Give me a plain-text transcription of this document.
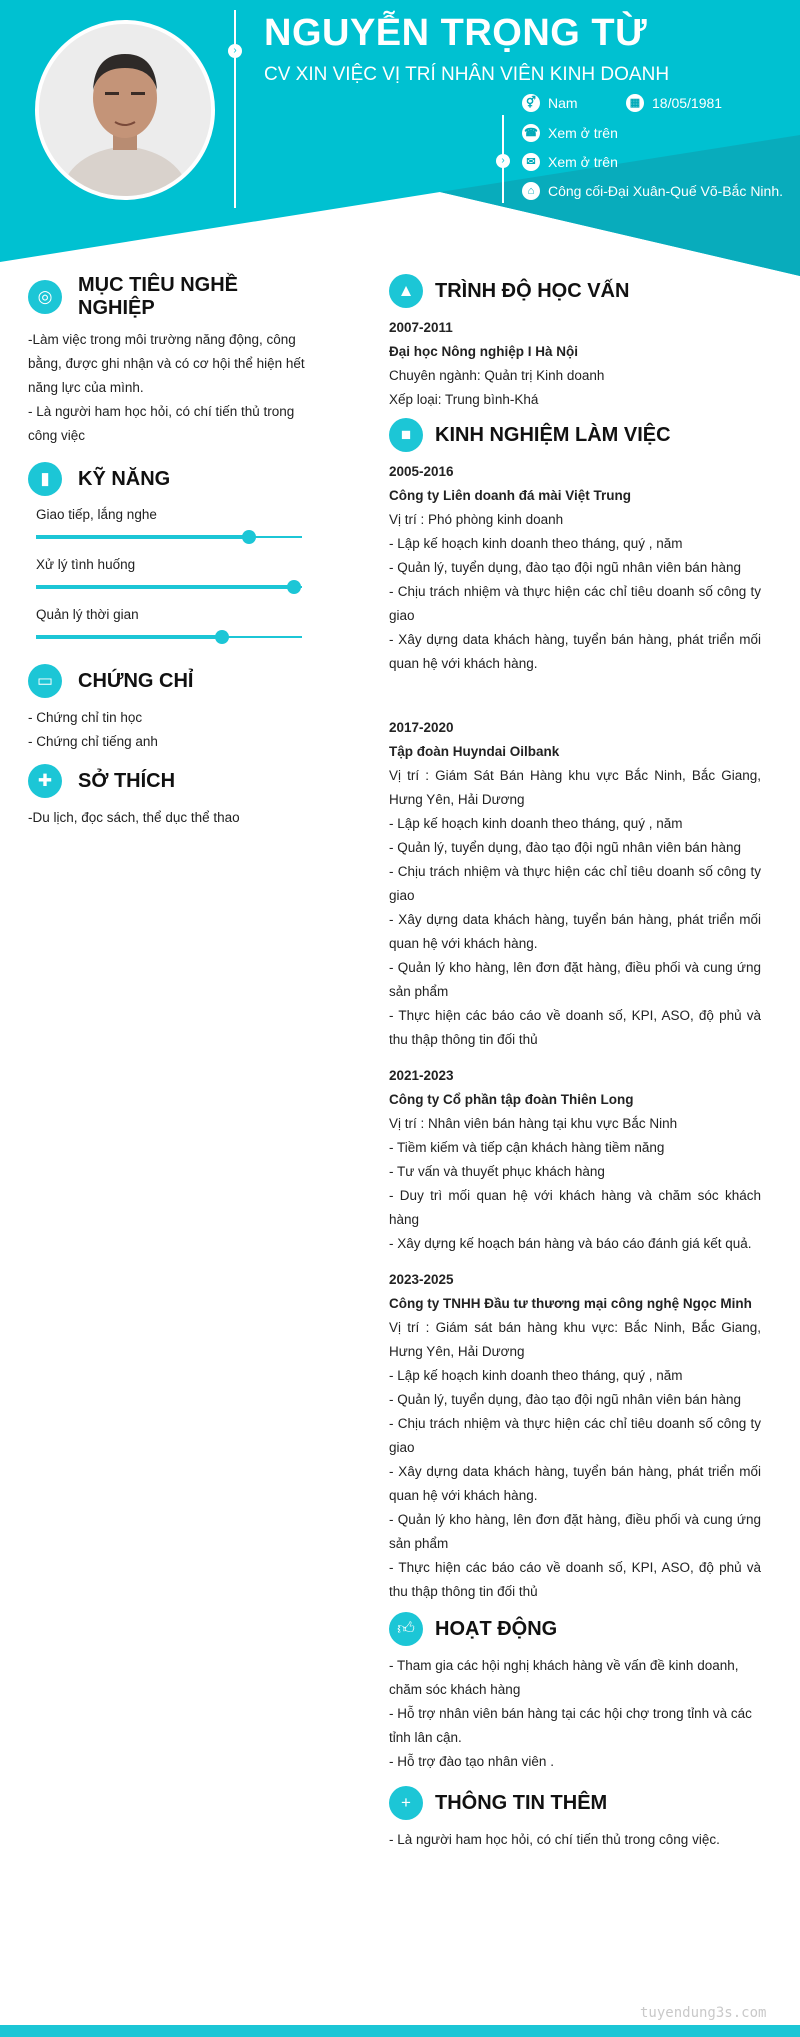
› NGUYỄN TRỌNG TỪ
CV XIN VIỆC VỊ TRÍ NHÂN VIÊN KINH DOANH
›
⚥ Nam	▦ 18/05/1981
☎ Xem ở trên
✉ Xem ở trên
⌂ Công cối-Đại Xuân-Quế Võ-Bắc Ninh.
◎
MỤC TIÊU NGHỀ NGHIỆP
-Làm việc trong môi trường năng động, công bằng, được ghi nhận và có cơ hội thể hiện hết năng lực của mình.
- Là người ham học hỏi, có chí tiến thủ trong công việc
▮	KỸ NĂNG
Giao tiếp, lắng nghe
Xử lý tình huống
Quản lý thời gian
▭	CHỨNG CHỈ
- Chứng chỉ tin học
- Chứng chỉ tiếng anh
✚	SỞ THÍCH
-Du lịch, đọc sách, thể dục thể thao
▲	TRÌNH ĐỘ HỌC VẤN
2007-2011
Đại học Nông nghiệp I Hà Nội
Chuyên ngành: Quản trị Kinh doanh
Xếp loại: Trung bình-Khá
■	KINH NGHIỆM LÀM VIỆC
2005-2016
Công ty Liên doanh đá mài Việt Trung
Vị trí : Phó phòng kinh doanh
- Lập kế hoạch kinh doanh theo tháng, quý , năm
- Quản lý, tuyển dụng, đào tạo đội ngũ nhân viên bán hàng
- Chịu trách nhiệm và thực hiện các chỉ tiêu doanh số công ty giao
- Xây dựng data khách hàng, tuyển bán hàng, phát triển mối quan hệ với khách hàng.
2017-2020
Tập đoàn Huyndai Oilbank
Vị trí : Giám Sát Bán Hàng khu vực Bắc Ninh, Bắc Giang, Hưng Yên, Hải Dương
- Lập kế hoạch kinh doanh theo tháng, quý , năm
- Quản lý, tuyển dụng, đào tạo đội ngũ nhân viên bán hàng
- Chịu trách nhiệm và thực hiện các chỉ tiêu doanh số công ty giao
- Xây dựng data khách hàng, tuyển bán hàng, phát triển mối quan hệ với khách hàng.
- Quản lý kho hàng, lên đơn đặt hàng, điều phối và cung ứng sản phẩm
- Thực hiện các báo cáo về doanh số, KPI, ASO, độ phủ và thu thập thông tin đối thủ
2021-2023
Công ty Cổ phần tập đoàn Thiên Long
Vị trí : Nhân viên bán hàng tại khu vực Bắc Ninh
- Tiềm kiếm và tiếp cận khách hàng tiềm năng
- Tư vấn và thuyết phục khách hàng
- Duy trì mối quan hệ với khách hàng và chăm sóc khách hàng
- Xây dựng kế hoạch bán hàng và báo cáo đánh giá kết quả.
2023-2025
Công ty TNHH Đầu tư thương mại công nghệ Ngọc Minh
Vị trí : Giám sát bán hàng khu vực: Bắc Ninh, Bắc Giang, Hưng Yên, Hải Dương
- Lập kế hoạch kinh doanh theo tháng, quý , năm
- Quản lý, tuyển dụng, đào tạo đội ngũ nhân viên bán hàng
- Chịu trách nhiệm và thực hiện các chỉ tiêu doanh số công ty giao
- Xây dựng data khách hàng, tuyển bán hàng, phát triển mối quan hệ với khách hàng.
- Quản lý kho hàng, lên đơn đặt hàng, điều phối và cung ứng sản phẩm
- Thực hiện các báo cáo về doanh số, KPI, ASO, độ phủ và thu thập thông tin đối thủ
👍︎	HOẠT ĐỘNG
- Tham gia các hội nghị khách hàng về vấn đề kinh doanh, chăm sóc khách hàng
- Hỗ trợ nhân viên bán hàng tại các hội chợ trong tỉnh và các tỉnh lân cận.
- Hỗ trợ đào tạo nhân viên .
+	THÔNG TIN THÊM
- Là người ham học hỏi, có chí tiến thủ trong công việc.
tuyendung3s.com
